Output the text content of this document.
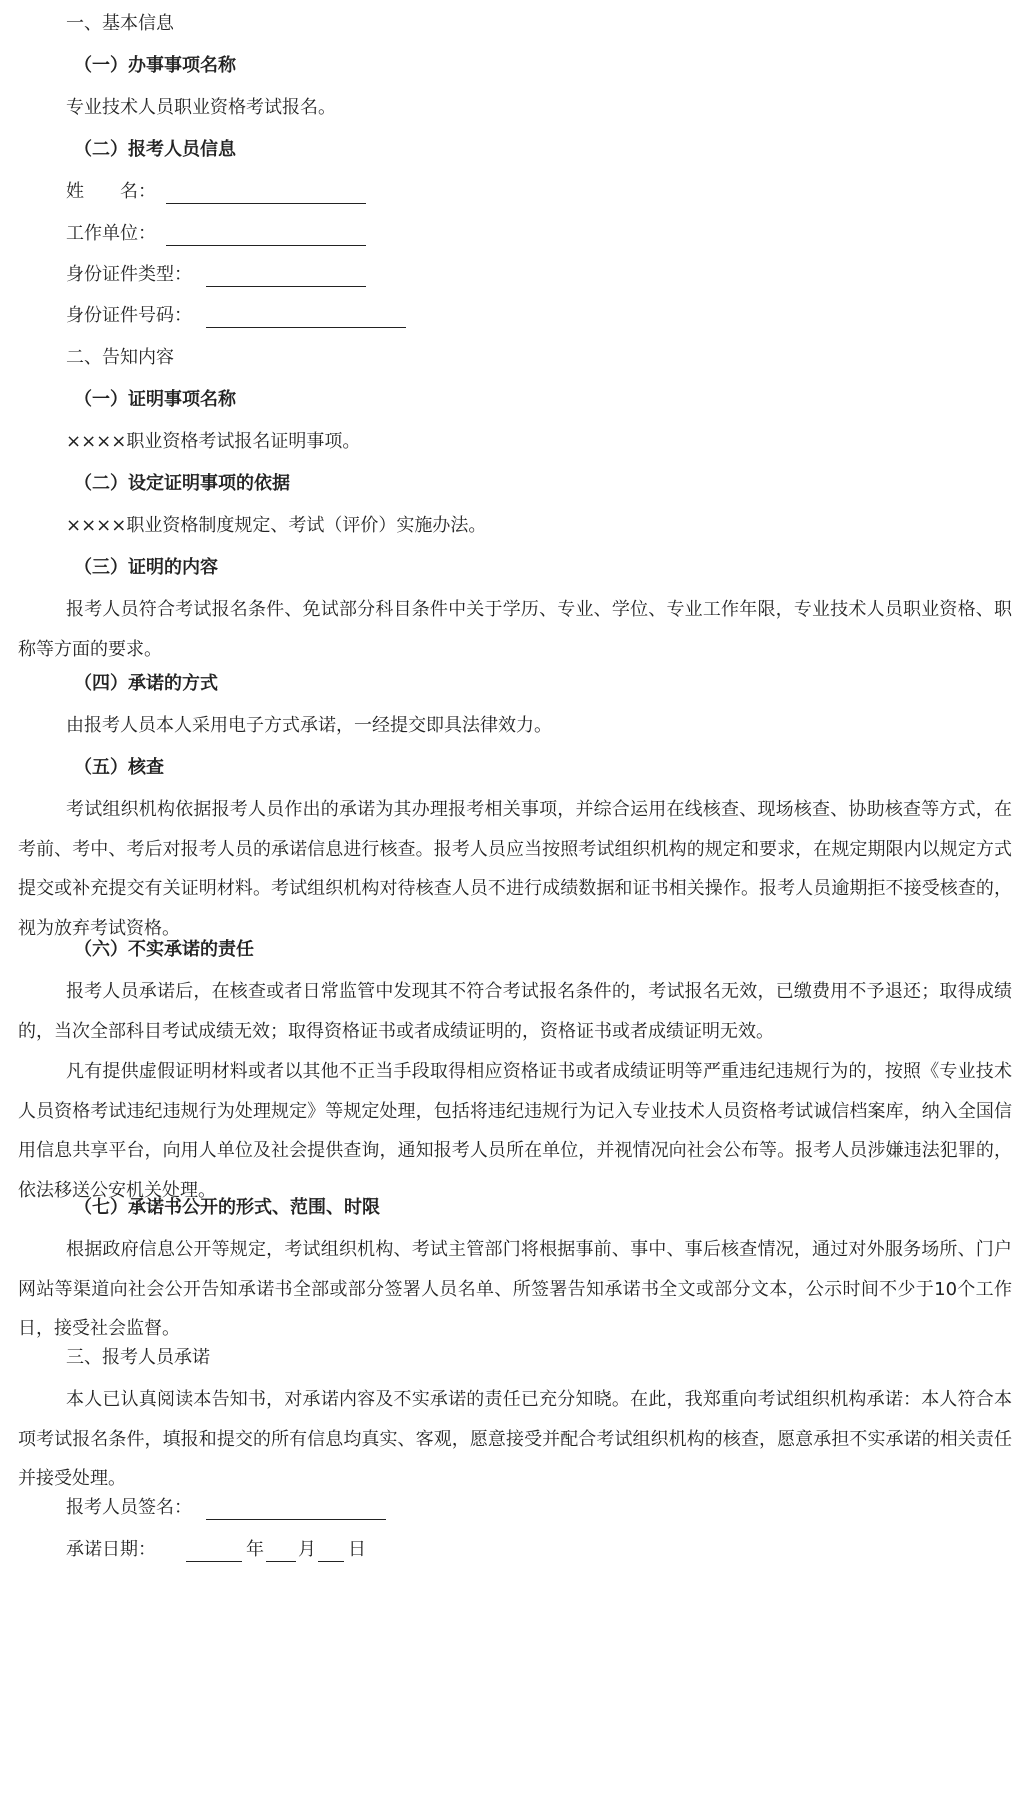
一、基本信息
（一）办事事项名称
专业技术人员职业资格考试报名。
（二）报考人员信息
姓　　名：
工作单位：
身份证件类型：
身份证件号码：
二、告知内容
（一）证明事项名称
××××职业资格考试报名证明事项。
（二）设定证明事项的依据
××××职业资格制度规定、考试（评价）实施办法。
（三）证明的内容
报考人员符合考试报名条件、免试部分科目条件中关于学历、专业、学位、专业工作年限，专业技术人员职业资格、职称等方面的要求。
（四）承诺的方式
由报考人员本人采用电子方式承诺，一经提交即具法律效力。
（五）核查
考试组织机构依据报考人员作出的承诺为其办理报考相关事项，并综合运用在线核查、现场核查、协助核查等方式，在考前、考中、考后对报考人员的承诺信息进行核查。报考人员应当按照考试组织机构的规定和要求，在规定期限内以规定方式提交或补充提交有关证明材料。考试组织机构对待核查人员不进行成绩数据和证书相关操作。报考人员逾期拒不接受核查的，视为放弃考试资格。
（六）不实承诺的责任
报考人员承诺后，在核查或者日常监管中发现其不符合考试报名条件的，考试报名无效，已缴费用不予退还；取得成绩的，当次全部科目考试成绩无效；取得资格证书或者成绩证明的，资格证书或者成绩证明无效。
凡有提供虚假证明材料或者以其他不正当手段取得相应资格证书或者成绩证明等严重违纪违规行为的，按照《专业技术人员资格考试违纪违规行为处理规定》等规定处理，包括将违纪违规行为记入专业技术人员资格考试诚信档案库，纳入全国信用信息共享平台，向用人单位及社会提供查询，通知报考人员所在单位，并视情况向社会公布等。报考人员涉嫌违法犯罪的，依法移送公安机关处理。
（七）承诺书公开的形式、范围、时限
根据政府信息公开等规定，考试组织机构、考试主管部门将根据事前、事中、事后核查情况，通过对外服务场所、门户网站等渠道向社会公开告知承诺书全部或部分签署人员名单、所签署告知承诺书全文或部分文本，公示时间不少于10个工作日，接受社会监督。
三、报考人员承诺
本人已认真阅读本告知书，对承诺内容及不实承诺的责任已充分知晓。在此，我郑重向考试组织机构承诺：本人符合本项考试报名条件，填报和提交的所有信息均真实、客观，愿意接受并配合考试组织机构的核查，愿意承担不实承诺的相关责任并接受处理。
报考人员签名：
承诺日期：	年 月 日
